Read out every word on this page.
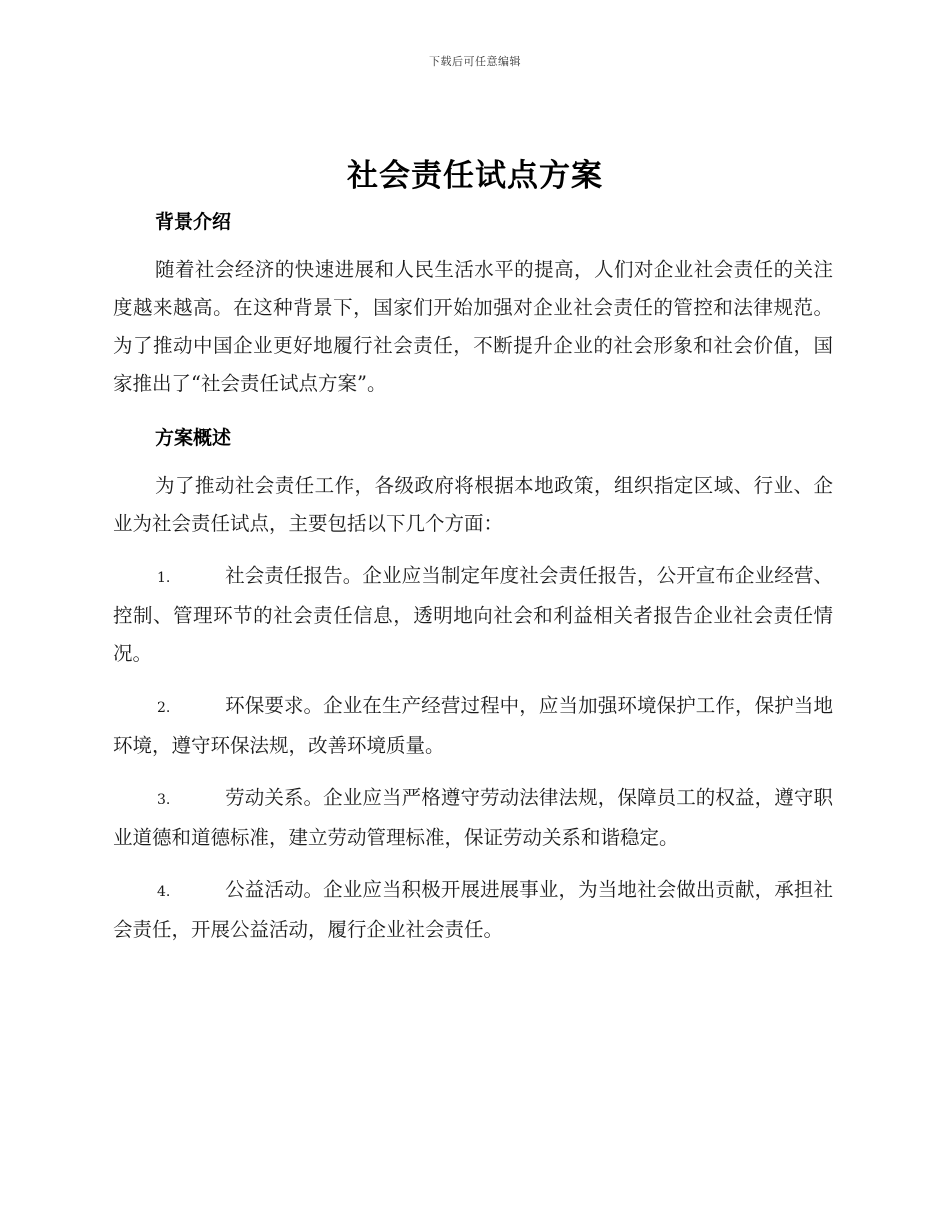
下载后可任意编辑
社会责任试点方案
背景介绍

随着社会经济的快速进展和人民生活水平的提高，人们对企业社会责任的关注度越来越高。在这种背景下，国家们开始加强对企业社会责任的管控和法律规范。为了推动中国企业更好地履行社会责任，不断提升企业的社会形象和社会价值，国家推出了“社会责任试点方案”。

方案概述

为了推动社会责任工作，各级政府将根据本地政策，组织指定区域、行业、企业为社会责任试点，主要包括以下几个方面：

1.	社会责任报告。企业应当制定年度社会责任报告，公开宣布企业经营、控制、管理环节的社会责任信息，透明地向社会和利益相关者报告企业社会责任情况。

2.	环保要求。企业在生产经营过程中，应当加强环境保护工作，保护当地环境，遵守环保法规，改善环境质量。

3.	劳动关系。企业应当严格遵守劳动法律法规，保障员工的权益，遵守职业道德和道德标准，建立劳动管理标准，保证劳动关系和谐稳定。

4.	公益活动。企业应当积极开展进展事业，为当地社会做出贡献，承担社会责任，开展公益活动，履行企业社会责任。
